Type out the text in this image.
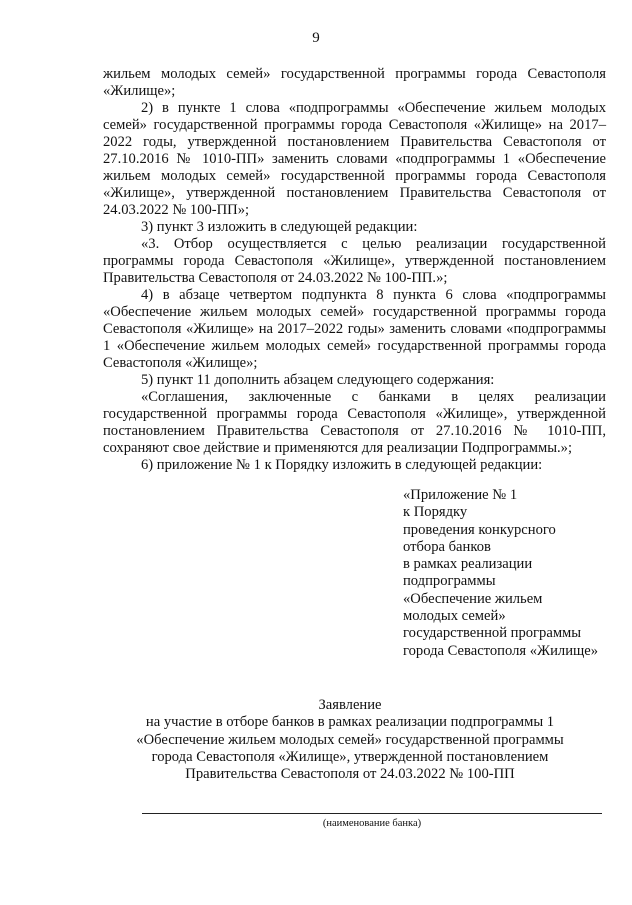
9

жильем молодых семей» государственной программы города Севастополя «Жилище»;

2) в пункте 1 слова «подпрограммы «Обеспечение жильем молодых семей» государственной программы города Севастополя «Жилище» на 2017–2022 годы, утвержденной постановлением Правительства Севастополя от 27.10.2016 № 1010-ПП» заменить словами «подпрограммы 1 «Обеспечение жильем молодых семей» государственной программы города Севастополя «Жилище», утвержденной постановлением Правительства Севастополя от 24.03.2022 № 100-ПП»;

3) пункт 3 изложить в следующей редакции:

«3. Отбор осуществляется с целью реализации государственной программы города Севастополя «Жилище», утвержденной постановлением Правительства Севастополя от 24.03.2022 № 100-ПП.»;

4) в абзаце четвертом подпункта 8 пункта 6 слова «подпрограммы «Обеспечение жильем молодых семей» государственной программы города Севастополя «Жилище» на 2017–2022 годы» заменить словами «подпрограммы 1 «Обеспечение жильем молодых семей» государственной программы города Севастополя «Жилище»;

5) пункт 11 дополнить абзацем следующего содержания:

«Соглашения, заключенные с банками в целях реализации государственной программы города Севастополя «Жилище», утвержденной постановлением Правительства Севастополя от 27.10.2016 № 1010-ПП, сохраняют свое действие и применяются для реализации Подпрограммы.»;

6) приложение № 1 к Порядку изложить в следующей редакции:

«Приложение № 1
к Порядку
проведения конкурсного
отбора банков
в рамках реализации
подпрограммы
«Обеспечение жильем
молодых семей»
государственной программы
города Севастополя «Жилище»
Заявление
на участие в отборе банков в рамках реализации подпрограммы 1
«Обеспечение жильем молодых семей» государственной программы
города Севастополя «Жилище», утвержденной постановлением
Правительства Севастополя от 24.03.2022 № 100-ПП
(наименование банка)
